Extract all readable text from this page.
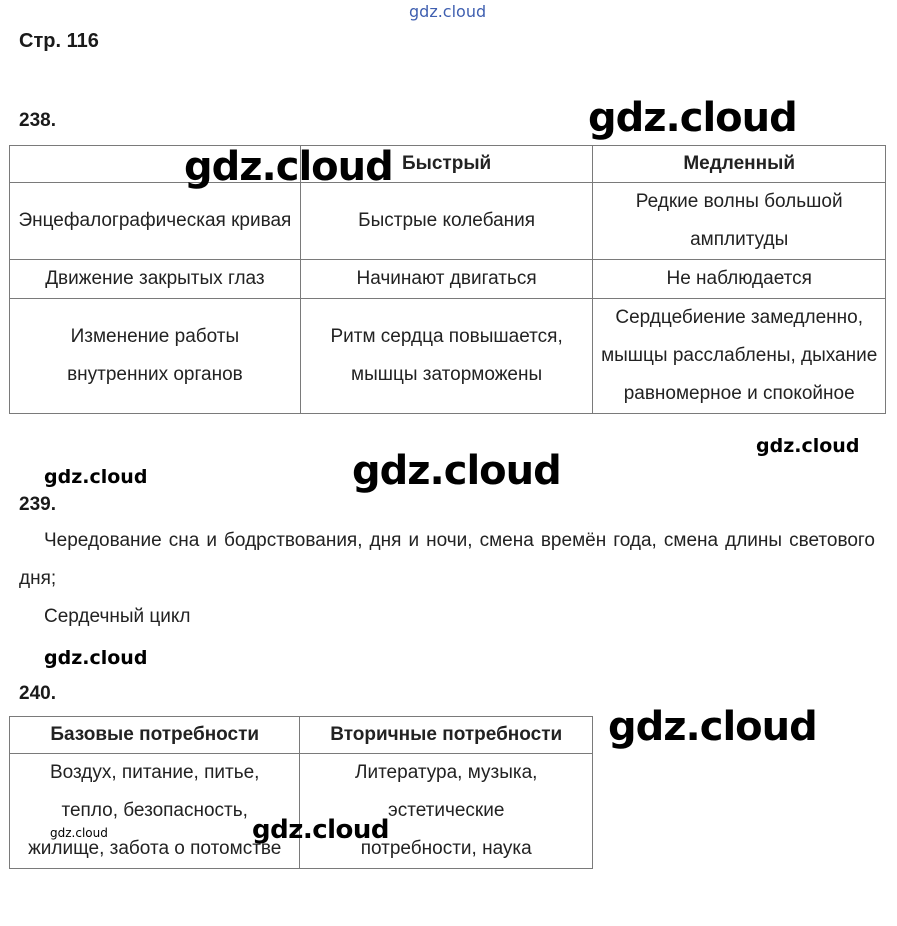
gdz.cloud
Стр. 116
238.
	Быстрый	Медленный
Энцефалографическая кривая	Быстрые колебания	Редкие волны большой амплитуды
Движение закрытых глаз	Начинают двигаться	Не наблюдается
Изменение работы внутренних органов	Ритм сердца повышается, мышцы заторможены	Сердцебиение замедленно, мышцы расслаблены, дыхание равномерное и спокойное
239.
Чередование сна и бодрствования, дня и ночи, смена времён года, смена длины светового дня;
Сердечный цикл
240.
Базовые потребности	Вторичные потребности
Воздух, питание, питье, тепло, безопасность, жилище, забота о потомстве	Литература, музыка, эстетические потребности, наука
gdz.cloud
gdz.cloud
gdz.cloud
gdz.cloud
gdz.cloud
gdz.cloud
gdz.cloud
gdz.cloud	gdz.cloud
